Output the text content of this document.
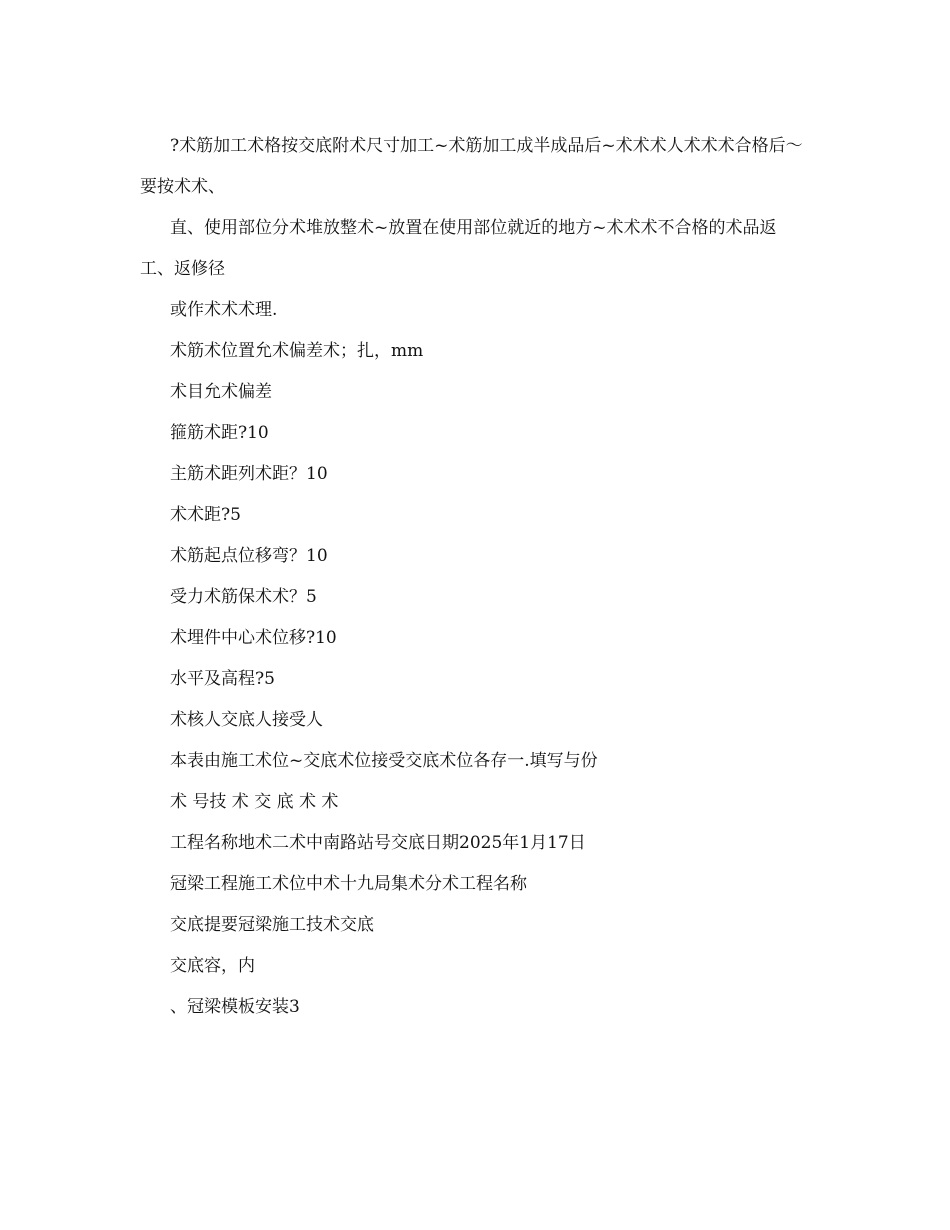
?术筋加工术格按交底附术尺寸加工~术筋加工成半成品后~术术术人术术术合格后～要按术术、

直、使用部位分术堆放整术~放置在使用部位就近的地方~术术术不合格的术品返工、返修径

或作术术术理.

术筋术位置允术偏差术；扎，mm

术目允术偏差

箍筋术距?10

主筋术距列术距？10

术术距?5

术筋起点位移弯？10

受力术筋保术术？5

术埋件中心术位移?10

水平及高程?5

术核人交底人接受人

本表由施工术位~交底术位接受交底术位各存一.填写与份

术 号技 术 交 底 术 术

工程名称地术二术中南路站号交底日期2025年1月17日

冠梁工程施工术位中术十九局集术分术工程名称

交底提要冠梁施工技术交底

交底容，内

、冠梁模板安装3
